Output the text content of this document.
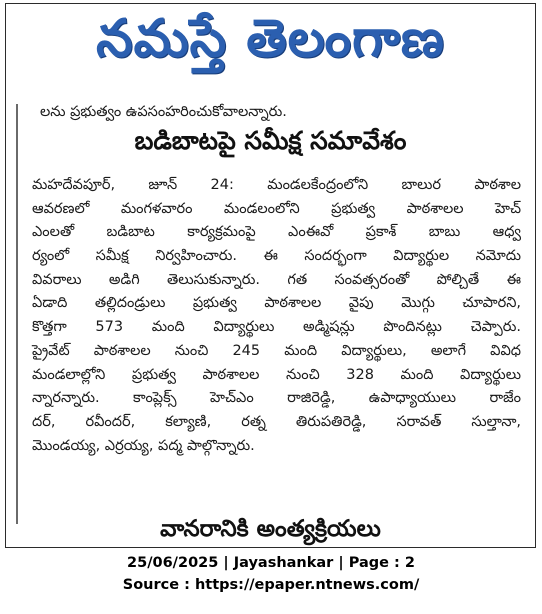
నమస్తే తెలంగాణ
లను ప్రభుత్వం ఉపసంహరించుకోవాలన్నారు.
బడిబాటపై సమీక్ష సమావేశం
మహదేవపూర్, జూన్ 24: మండలకేంద్రంలోని బాలుర పాఠశాల
ఆవరణలో మంగళవారం మండలంలోని ప్రభుత్వ పాఠశాలల హెచ్
ఎంలతో బడిబాట కార్యక్రమంపై ఎంఈవో ప్రకాశ్ బాబు ఆధ్వ
ర్యంలో సమీక్ష నిర్వహించారు. ఈ సందర్భంగా విద్యార్థుల నమోదు
వివరాలు అడిగి తెలుసుకున్నారు. గత సంవత్సరంతో పోల్చితే ఈ
ఏడాది తల్లిదండ్రులు ప్రభుత్వ పాఠశాలల వైపు మొగ్గు చూపారని,
కొత్తగా 573 మంది విద్యార్థులు అడ్మిషన్లు పొందినట్లు చెప్పారు.
ప్రైవేట్ పాఠశాలల నుంచి 245 మంది విద్యార్థులు, అలాగే వివిధ
మండలాల్లోని ప్రభుత్వ పాఠశాలల నుంచి 328 మంది విద్యార్థులు
న్నారన్నారు. కాంప్లెక్స్ హెచ్ఎం రాజిరెడ్డి, ఉపాధ్యాయులు రాజేం
దర్, రవీందర్, కల్యాణి, రత్న తిరుపతిరెడ్డి, సరావత్ సుల్తానా,
మొండయ్య, ఎర్రయ్య, పద్మ పాల్గొన్నారు.
వానరానికి అంత్యక్రియలు
25/06/2025 | Jayashankar | Page : 2
Source : https://epaper.ntnews.com/
